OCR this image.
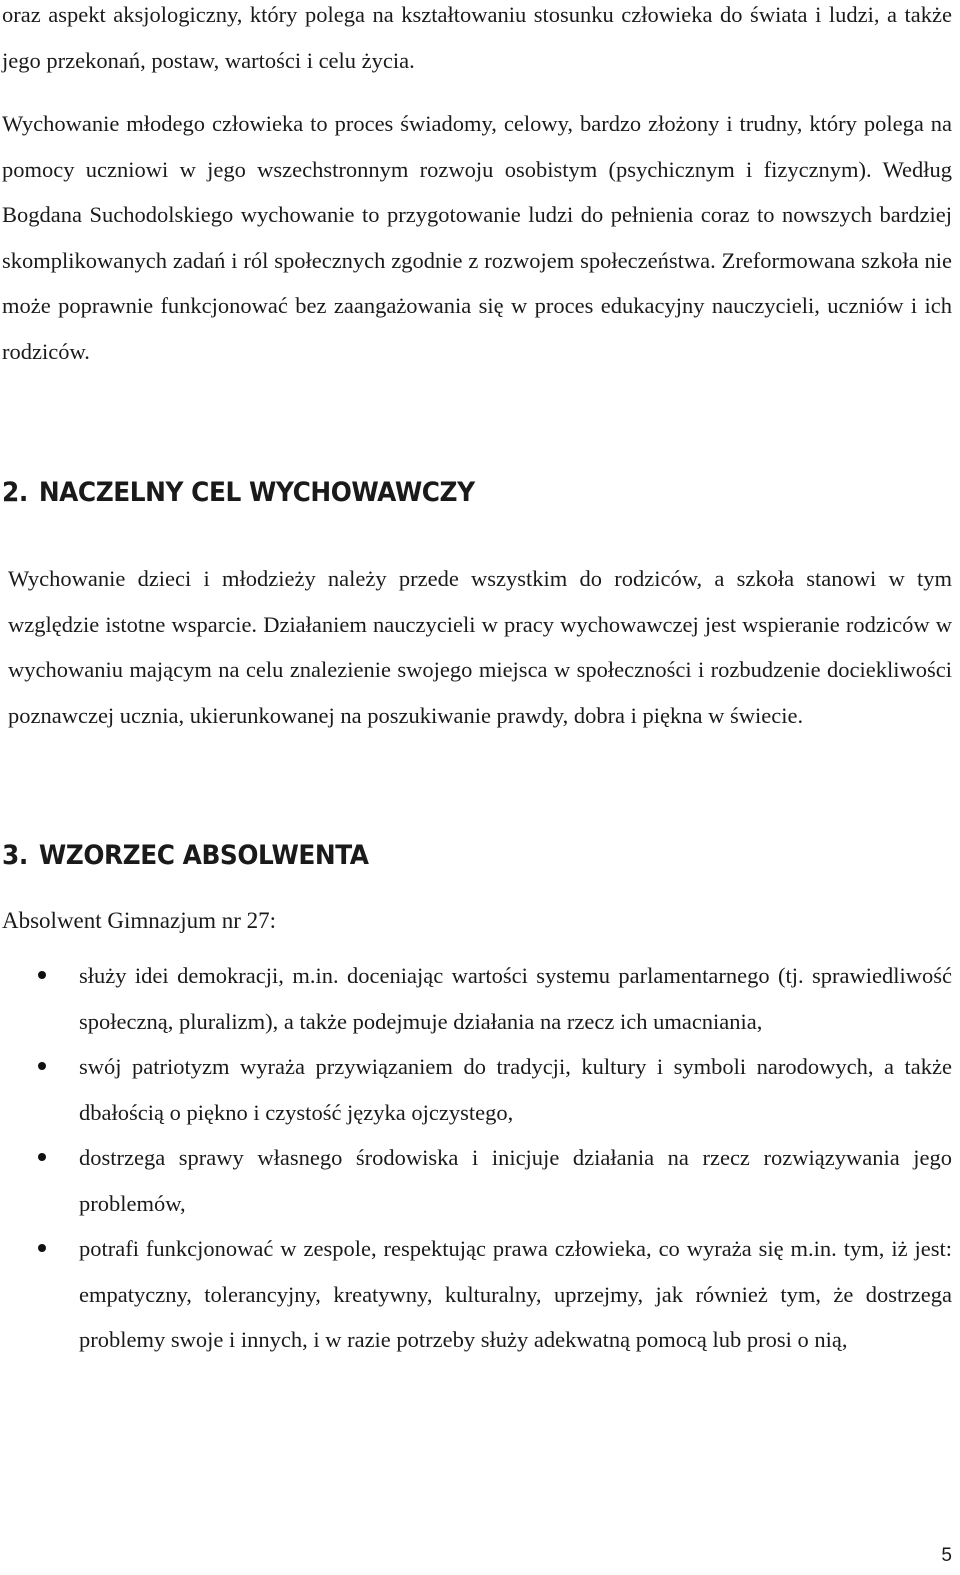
oraz aspekt aksjologiczny, który polega na kształtowaniu stosunku człowieka do świata i ludzi, a także jego przekonań, postaw, wartości i celu życia.

Wychowanie młodego człowieka to proces świadomy, celowy, bardzo złożony i trudny, który polega na pomocy uczniowi w jego wszechstronnym rozwoju osobistym (psychicznym i fizycznym). Według Bogdana Suchodolskiego wychowanie to przygotowanie ludzi do pełnienia coraz to nowszych bardziej skomplikowanych zadań i ról społecznych zgodnie z rozwojem społeczeństwa. Zreformowana szkoła nie może poprawnie funkcjonować bez zaangażowania się w proces edukacyjny nauczycieli, uczniów i ich rodziców.

2. NACZELNY CEL WYCHOWAWCZY

Wychowanie dzieci i młodzieży należy przede wszystkim do rodziców, a szkoła stanowi w tym względzie istotne wsparcie. Działaniem nauczycieli w pracy wychowawczej jest wspieranie rodziców w wychowaniu mającym na celu znalezienie swojego miejsca w społeczności i rozbudzenie dociekliwości poznawczej ucznia, ukierunkowanej na poszukiwanie prawdy, dobra i piękna w świecie.

3. WZORZEC ABSOLWENTA

Absolwent Gimnazjum nr 27:

służy idei demokracji, m.in. doceniając wartości systemu parlamentarnego (tj. sprawiedliwość społeczną, pluralizm), a także podejmuje działania na rzecz ich umacniania,
swój patriotyzm wyraża przywiązaniem do tradycji, kultury i symboli narodowych, a także dbałością o piękno i czystość języka ojczystego,
dostrzega sprawy własnego środowiska i inicjuje działania na rzecz rozwiązywania jego problemów,
potrafi funkcjonować w zespole, respektując prawa człowieka, co wyraża się m.in. tym, iż jest: empatyczny, tolerancyjny, kreatywny, kulturalny, uprzejmy, jak również tym, że dostrzega problemy swoje i innych, i w razie potrzeby służy adekwatną pomocą lub prosi o nią,
5
